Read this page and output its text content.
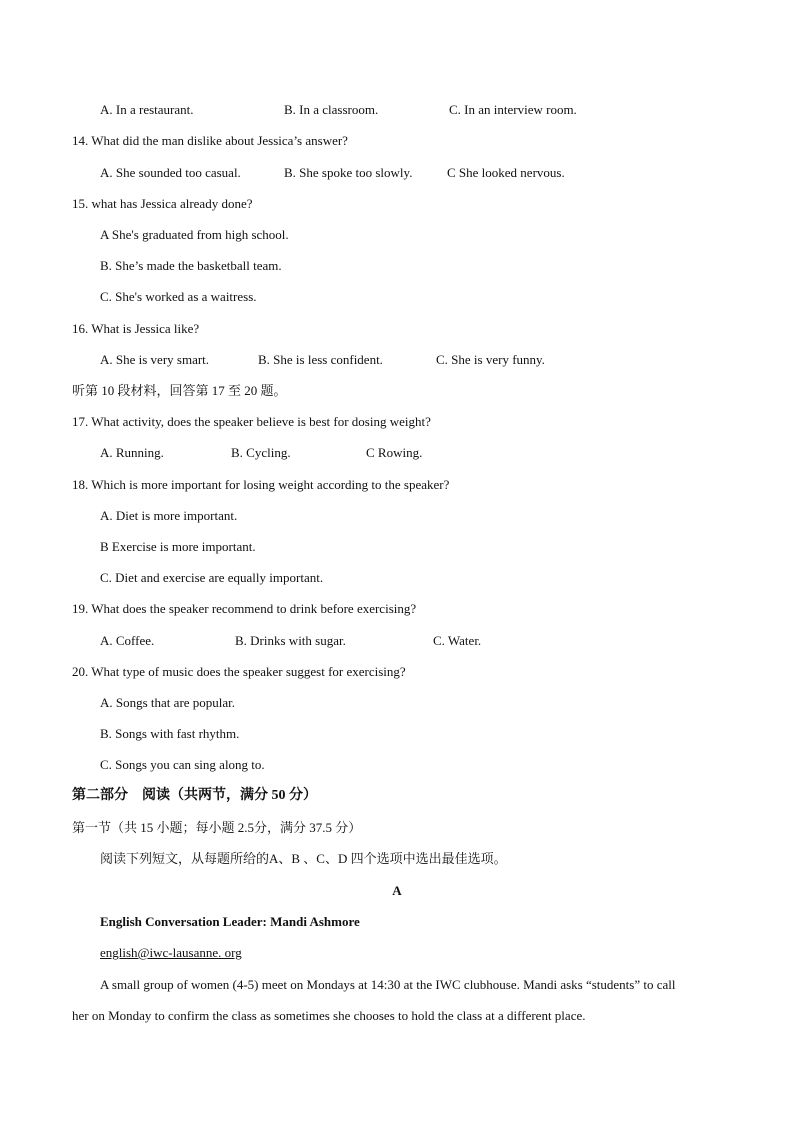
A. In a restaurant.	B. In a classroom.	C. In an interview room.
14. What did the man dislike about Jessica’s answer?
A. She sounded too casual.	B. She spoke too slowly.	C She looked nervous.
15. what has Jessica already done?
A She's graduated from high school.
B. She’s made the basketball team.
C. She's worked as a waitress.
16. What is Jessica like?
A. She is very smart.	B. She is less confident.	C. She is very funny.
听第 10 段材料，回答第 17 至 20 题。
17. What activity, does the speaker believe is best for dosing weight?
A. Running.	B. Cycling.	C Rowing.
18. Which is more important for losing weight according to the speaker?
A. Diet is more important.
B Exercise is more important.
C. Diet and exercise are equally important.
19. What does the speaker recommend to drink before exercising?
A. Coffee.	B. Drinks with sugar.	C. Water.
20. What type of music does the speaker suggest for exercising?
A. Songs that are popular.
B. Songs with fast rhythm.
C. Songs you can sing along to.
第二部分　阅读（共两节，满分 50 分）
第一节（共 15 小题；每小题 2.5分，满分 37.5 分）
阅读下列短文，从每题所给的A、B 、C、D 四个选项中选出最佳选项。
A
English Conversation Leader: Mandi Ashmore
english@iwc-lausanne. org
A small group of women (4-5) meet on Mondays at 14:30 at the IWC clubhouse. Mandi asks “students” to call
her on Monday to confirm the class as sometimes she chooses to hold the class at a different place.
